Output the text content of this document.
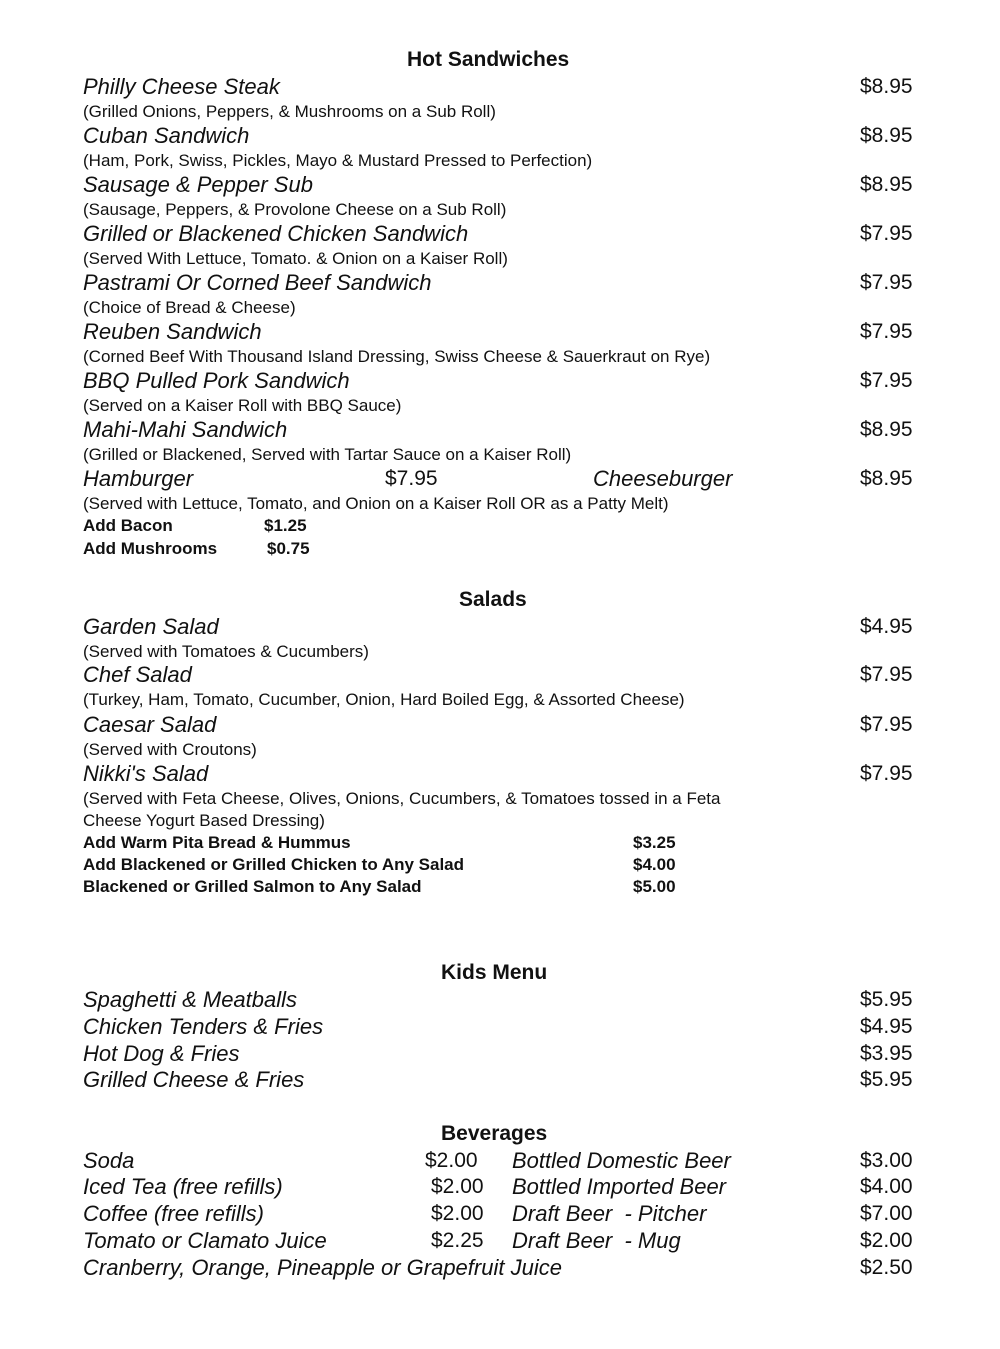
Hot Sandwiches
Philly Cheese Steak	$8.95
(Grilled Onions, Peppers, & Mushrooms on a Sub Roll)
Cuban Sandwich	$8.95
(Ham, Pork, Swiss, Pickles, Mayo & Mustard Pressed to Perfection)
Sausage & Pepper Sub	$8.95
(Sausage, Peppers, & Provolone Cheese on a Sub Roll)
Grilled or Blackened Chicken Sandwich	$7.95
(Served With Lettuce, Tomato. & Onion on a Kaiser Roll)
Pastrami Or Corned Beef Sandwich	$7.95
(Choice of Bread & Cheese)
Reuben Sandwich	$7.95
(Corned Beef With Thousand Island Dressing, Swiss Cheese & Sauerkraut on Rye)
BBQ Pulled Pork Sandwich	$7.95
(Served on a Kaiser Roll with BBQ Sauce)
Mahi-Mahi Sandwich	$8.95
(Grilled or Blackened, Served with Tartar Sauce on a Kaiser Roll)
Hamburger	$7.95	Cheeseburger	$8.95
(Served with Lettuce, Tomato, and Onion on a Kaiser Roll OR as a Patty Melt)
Add Bacon	$1.25
Add Mushrooms	$0.75
Salads
Garden Salad	$4.95
(Served with Tomatoes & Cucumbers)
Chef Salad	$7.95
(Turkey, Ham, Tomato, Cucumber, Onion, Hard Boiled Egg, & Assorted Cheese)
Caesar Salad	$7.95
(Served with Croutons)
Nikki's Salad	$7.95
(Served with Feta Cheese, Olives, Onions, Cucumbers, & Tomatoes tossed in a Feta
Cheese Yogurt Based Dressing)
Add Warm Pita Bread & Hummus	$3.25
Add Blackened or Grilled Chicken to Any Salad	$4.00
Blackened or Grilled Salmon to Any Salad	$5.00
Kids Menu
Spaghetti & Meatballs	$5.95
Chicken Tenders & Fries	$4.95
Hot Dog & Fries	$3.95
Grilled Cheese & Fries	$5.95
Beverages
Soda	$2.00 Bottled Domestic Beer	$3.00
Iced Tea (free refills)	$2.00 Bottled Imported Beer	$4.00
Coffee (free refills)	$2.00 Draft Beer  - Pitcher	$7.00
Tomato or Clamato Juice	$2.25 Draft Beer  - Mug	$2.00
Cranberry, Orange, Pineapple or Grapefruit Juice	$2.50
